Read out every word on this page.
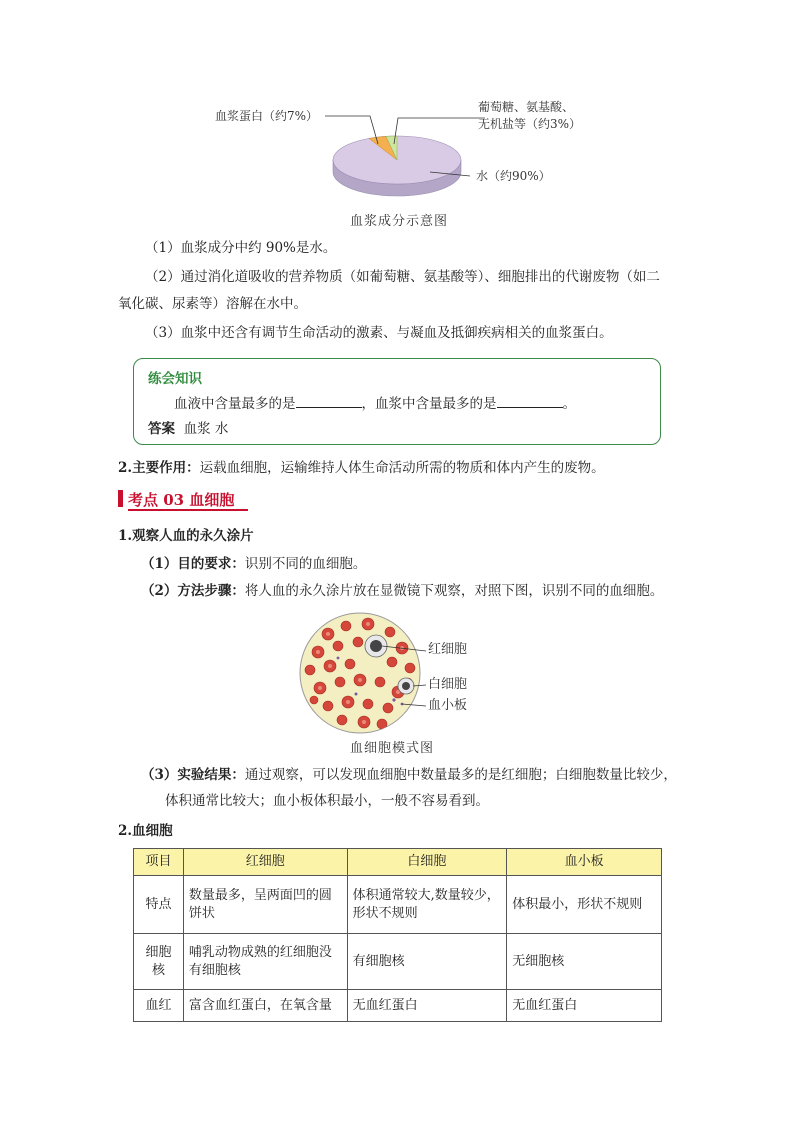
血浆蛋白（约7%）
葡萄糖、氨基酸、
无机盐等（约3%）
水（约90%）
血浆成分示意图
（1）血浆成分中约 90%是水。
（2）通过消化道吸收的营养物质（如葡萄糖、氨基酸等）、细胞排出的代谢废物（如二
氧化碳、尿素等）溶解在水中。
（3）血浆中还含有调节生命活动的激素、与凝血及抵御疾病相关的血浆蛋白。
练会知识
血液中含量最多的是	，血浆中含量最多的是	。
答案 血浆 水
2.主要作用：运载血细胞，运输维持人体生命活动所需的物质和体内产生的废物。
考点 03 血细胞
1.观察人血的永久涂片
（1）目的要求：识别不同的血细胞。
（2）方法步骤：将人血的永久涂片放在显微镜下观察，对照下图，识别不同的血细胞。
红细胞
白细胞
血小板
血细胞模式图
（3）实验结果：通过观察，可以发现血细胞中数量最多的是红细胞；白细胞数量比较少，
体积通常比较大；血小板体积最小，一般不容易看到。
2.血细胞
项目	红细胞	白细胞	血小板
特点	数量最多，呈两面凹的圆饼状	体积通常较大,数量较少，形状不规则	体积最小，形状不规则
细胞核	哺乳动物成熟的红细胞没有细胞核	有细胞核	无细胞核
血红	富含血红蛋白，在氧含量	无血红蛋白	无血红蛋白
